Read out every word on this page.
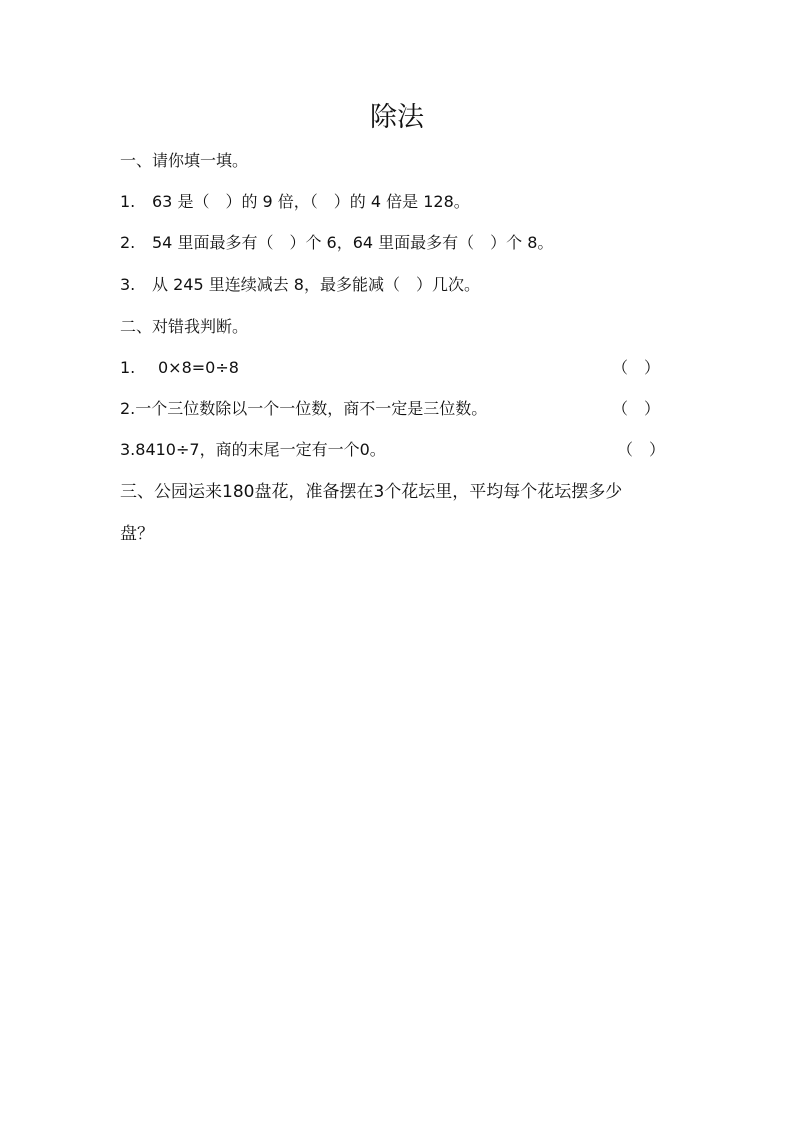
除法
一、请你填一填。
1. 63 是（　）的 9 倍，（　）的 4 倍是 128。
2. 54 里面最多有（　）个 6，64 里面最多有（　）个 8。
3. 从 245 里连续减去 8，最多能减（　）几次。
二、对错我判断。
1. 0×8=0÷8	（　）
2.一个三位数除以一个一位数，商不一定是三位数。	（　）
3.8410÷7，商的末尾一定有一个0。	（　）
三、公园运来180盘花，准备摆在3个花坛里，平均每个花坛摆多少
盘？
